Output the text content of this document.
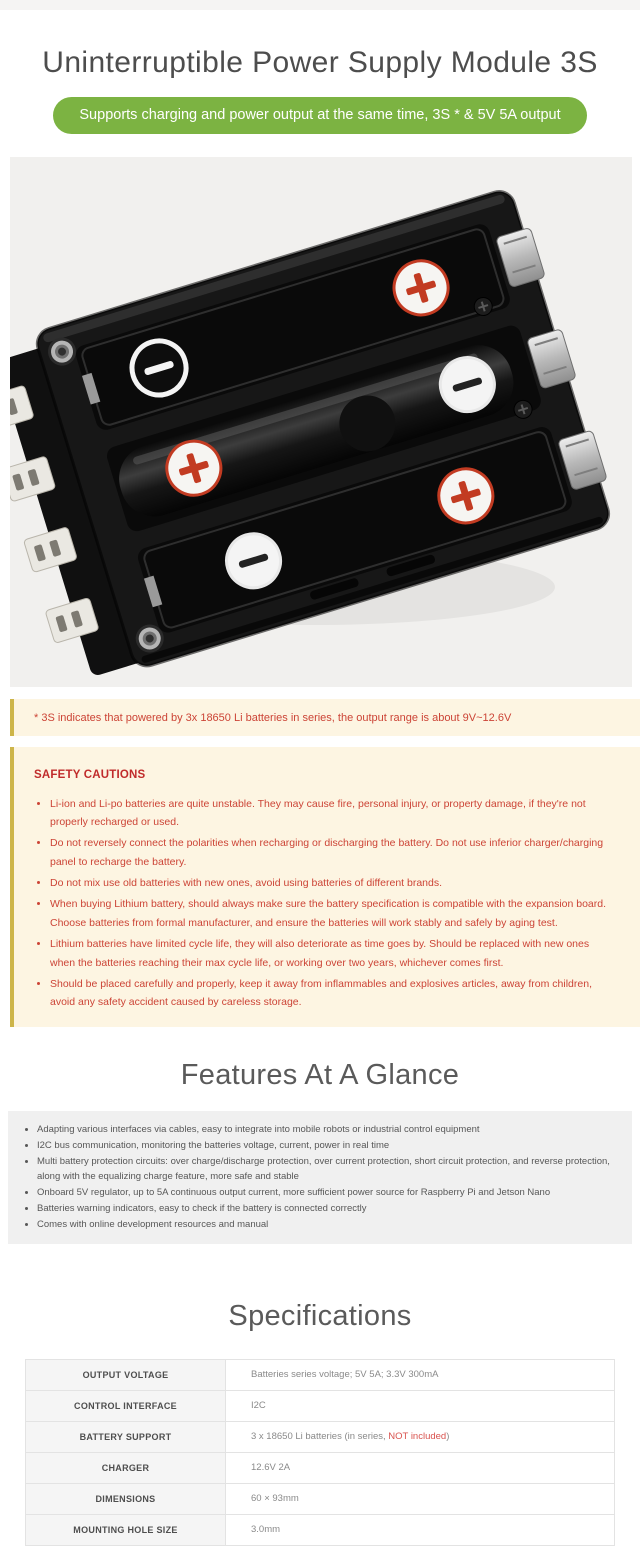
Uninterruptible Power Supply Module 3S
Supports charging and power output at the same time, 3S * & 5V 5A output
* 3S indicates that powered by 3x 18650 Li batteries in series, the output range is about 9V~12.6V
SAFETY CAUTIONS
• Li-ion and Li-po batteries are quite unstable. They may cause fire, personal injury, or property damage, if they're not properly recharged or used.
• Do not reversely connect the polarities when recharging or discharging the battery. Do not use inferior charger/charging panel to recharge the battery.
• Do not mix use old batteries with new ones, avoid using batteries of different brands.
• When buying Lithium battery, should always make sure the battery specification is compatible with the expansion board. Choose batteries from formal manufacturer, and ensure the batteries will work stably and safely by aging test.
• Lithium batteries have limited cycle life, they will also deteriorate as time goes by. Should be replaced with new ones when the batteries reaching their max cycle life, or working over two years, whichever comes first.
• Should be placed carefully and properly, keep it away from inflammables and explosives articles, away from children, avoid any safety accident caused by careless storage.
Features At A Glance
• Adapting various interfaces via cables, easy to integrate into mobile robots or industrial control equipment
• I2C bus communication, monitoring the batteries voltage, current, power in real time
• Multi battery protection circuits: over charge/discharge protection, over current protection, short circuit protection, and reverse protection, along with the equalizing charge feature, more safe and stable
• Onboard 5V regulator, up to 5A continuous output current, more sufficient power source for Raspberry Pi and Jetson Nano
• Batteries warning indicators, easy to check if the battery is connected correctly
• Comes with online development resources and manual
Specifications
OUTPUT VOLTAGE	Batteries series voltage; 5V 5A; 3.3V 300mA
CONTROL INTERFACE	I2C
BATTERY SUPPORT	3 x 18650 Li batteries (in series, NOT included)
CHARGER	12.6V 2A
DIMENSIONS	60 × 93mm
MOUNTING HOLE SIZE	3.0mm
